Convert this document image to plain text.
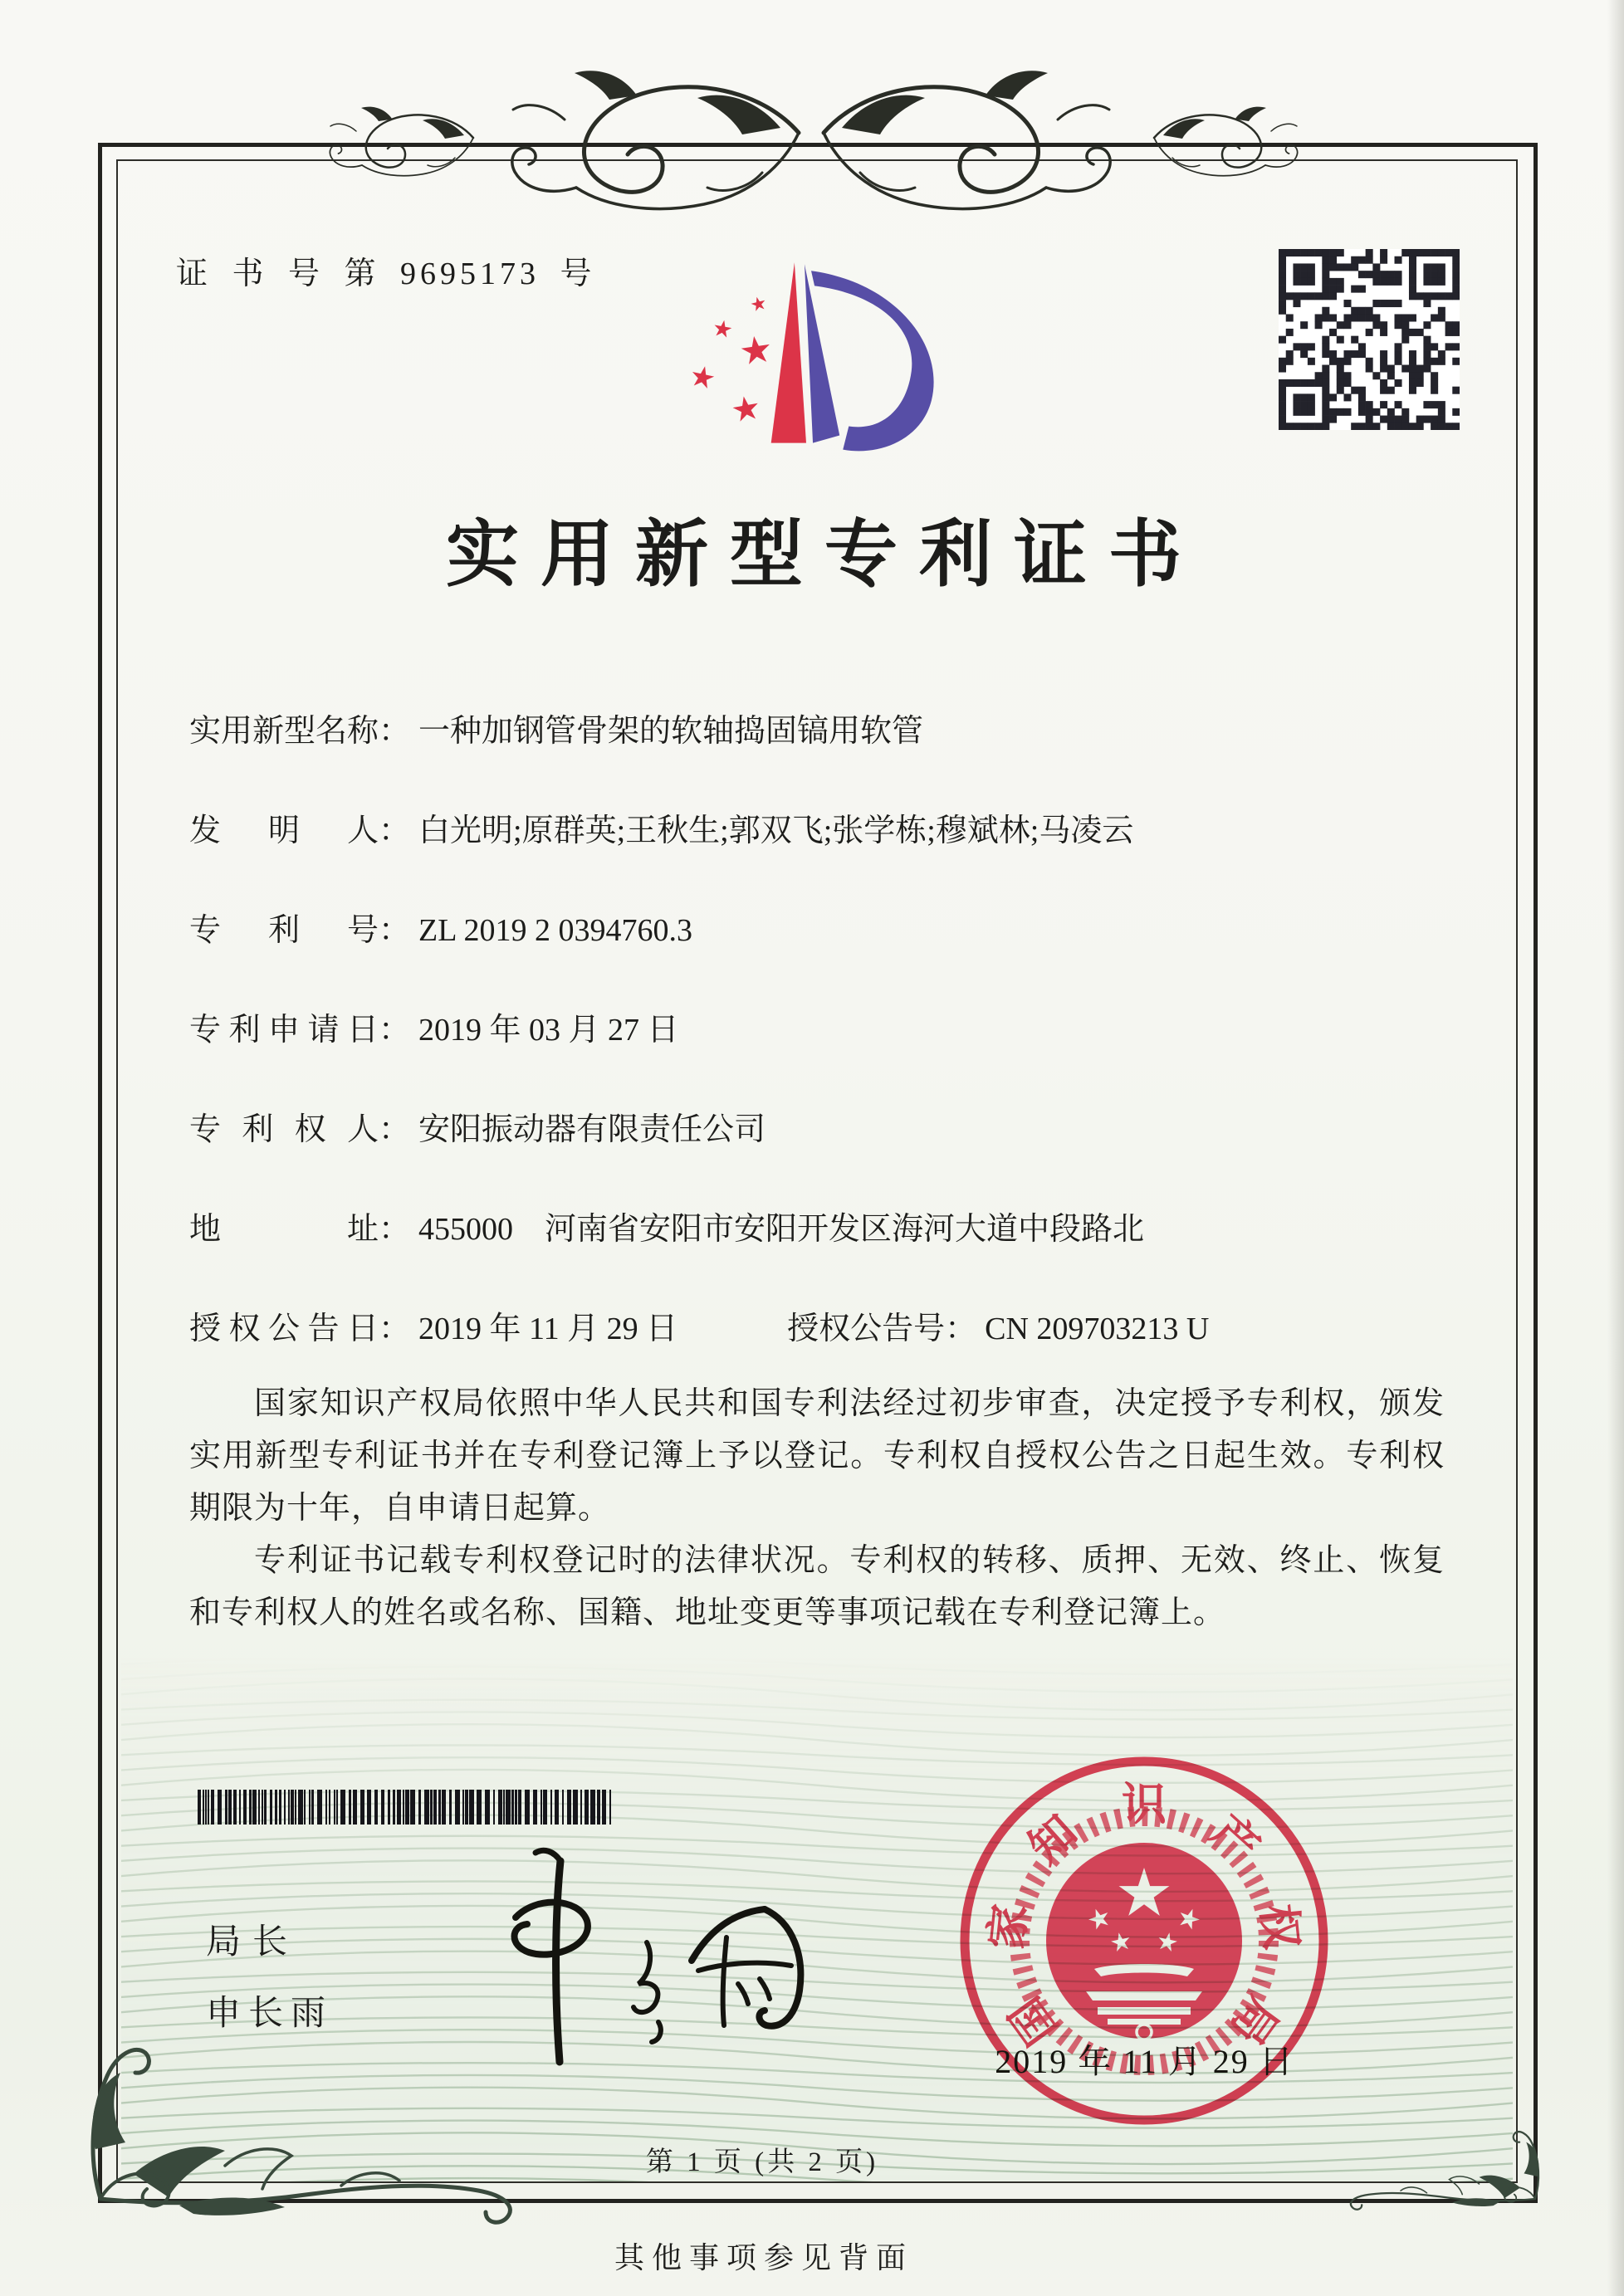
证 书 号 第 9695173 号
实用新型专利证书
实用新型名称： 一种加钢管骨架的软轴捣固镐用软管
发明人： 白光明;原群英;王秋生;郭双飞;张学栋;穆斌林;马凌云
专利号： ZL 2019 2 0394760.3
专利申请日： 2019 年 03 月 27 日
专利权人： 安阳振动器有限责任公司
地址： 455000　河南省安阳市安阳开发区海河大道中段路北
授权公告日： 2019 年 11 月 29 日	授权公告号： CN 209703213 U

国家知识产权局依照中华人民共和国专利法经过初步审查，决定授予专利权，颁发实用新型专利证书并在专利登记簿上予以登记。专利权自授权公告之日起生效。专利权期限为十年，自申请日起算。

专利证书记载专利权登记时的法律状况。专利权的转移、质押、无效、终止、恢复和专利权人的姓名或名称、国籍、地址变更等事项记载在专利登记簿上。

局长
申长雨	国
家
知
识
产
权
局
2019 年 11 月 29 日
第 1 页 (共 2 页)
其他事项参见背面
